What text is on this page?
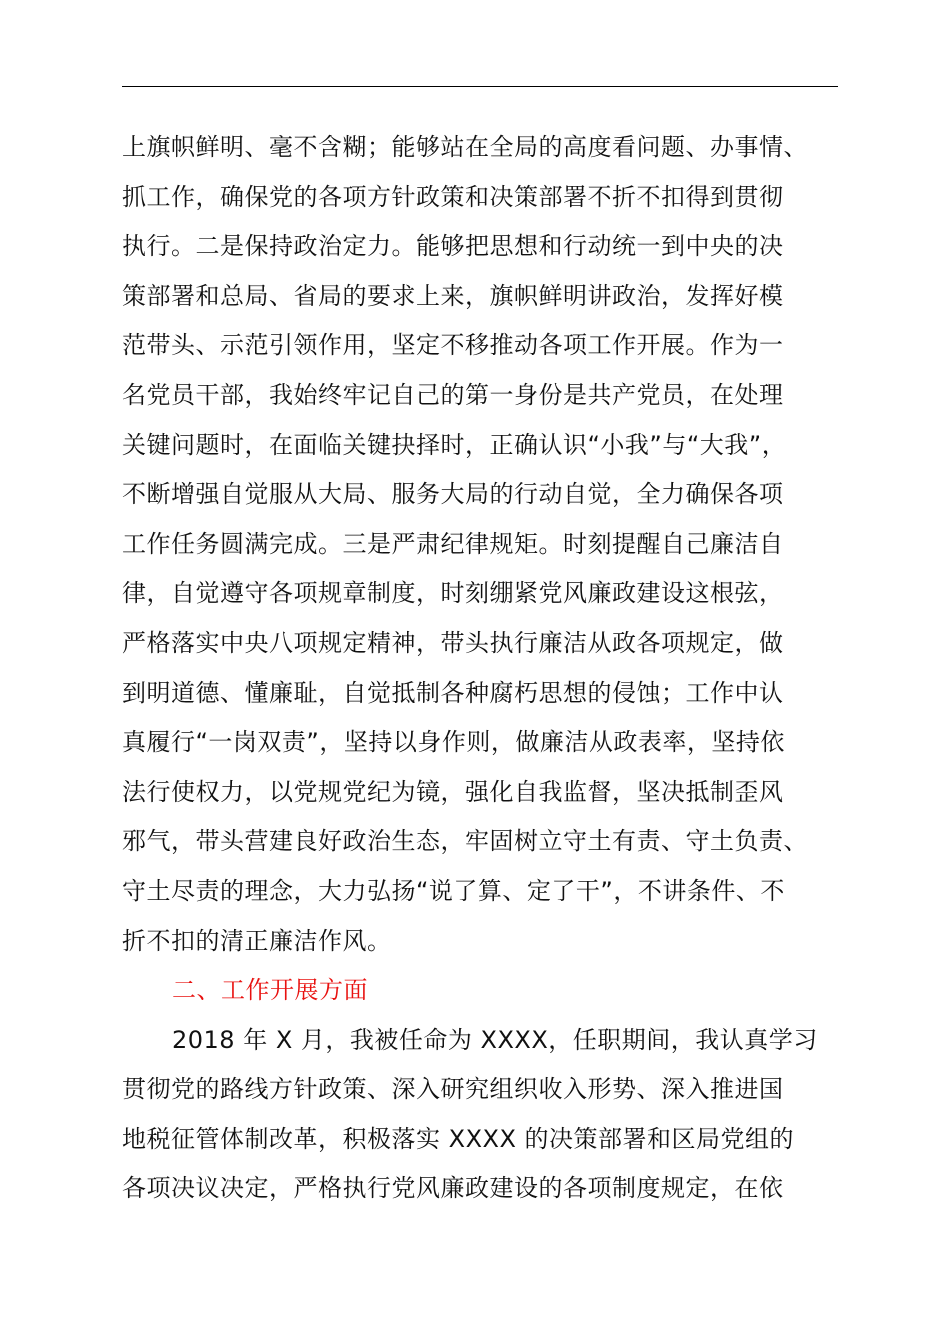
上旗帜鲜明、毫不含糊；能够站在全局的高度看问题、办事情、
抓工作，确保党的各项方针政策和决策部署不折不扣得到贯彻
执行。二是保持政治定力。能够把思想和行动统一到中央的决
策部署和总局、省局的要求上来，旗帜鲜明讲政治，发挥好模
范带头、示范引领作用，坚定不移推动各项工作开展。作为一
名党员干部，我始终牢记自己的第一身份是共产党员，在处理
关键问题时，在面临关键抉择时，正确认识“小我”与“大我”，
不断增强自觉服从大局、服务大局的行动自觉，全力确保各项
工作任务圆满完成。三是严肃纪律规矩。时刻提醒自己廉洁自
律，自觉遵守各项规章制度，时刻绷紧党风廉政建设这根弦，
严格落实中央八项规定精神，带头执行廉洁从政各项规定，做
到明道德、懂廉耻，自觉抵制各种腐朽思想的侵蚀；工作中认
真履行“一岗双责”，坚持以身作则，做廉洁从政表率，坚持依
法行使权力，以党规党纪为镜，强化自我监督，坚决抵制歪风
邪气，带头营建良好政治生态，牢固树立守土有责、守土负责、
守土尽责的理念，大力弘扬“说了算、定了干”，不讲条件、不
折不扣的清正廉洁作风。
二、工作开展方面
2018 年 X 月，我被任命为 XXXX，任职期间，我认真学习
贯彻党的路线方针政策、深入研究组织收入形势、深入推进国
地税征管体制改革，积极落实 XXXX 的决策部署和区局党组的
各项决议决定，严格执行党风廉政建设的各项制度规定，在依
